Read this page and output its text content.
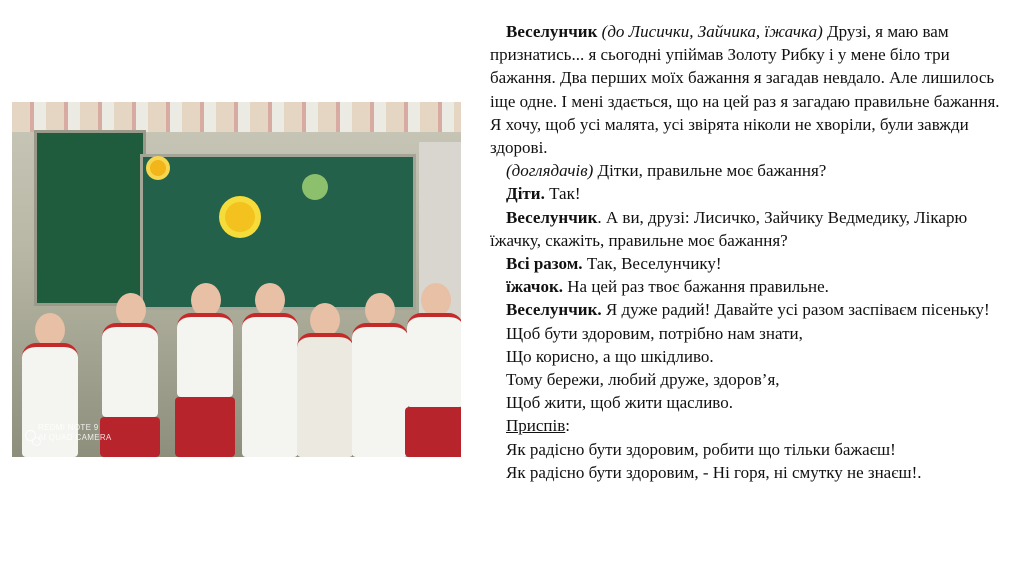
REDMI NOTE 9
AI QUAD CAMERA

Веселунчик (до Лисички, Зайчика, їжачка) Друзі, я маю вам признатись... я сьогодні упіймав Золоту Рибку і у мене біло три бажання. Два перших моїх бажання я загадав невдало. Але лишилось іще одне. І мені здається, що на цей раз я загадаю правильне бажання. Я хочу, щоб усі малята, усі звірята ніколи не хворіли, були завжди здорові.

(доглядачів) Дітки, правильне моє бажання?

Діти. Так!

Веселунчик. А ви, друзі: Лисичко, Зайчику Ведмедику, Лікарю їжачку, скажіть, правильне моє бажання?

Всі разом. Так, Веселунчику!

їжачок. На цей раз твоє бажання правильне.

Веселунчик. Я дуже радий! Давайте усі разом заспіваєм пісеньку!

Щоб бути здоровим, потрібно нам знати,

Що корисно, а що шкідливо.

Тому бережи, любий друже, здоров’я,

Щоб жити, щоб жити щасливо.

Приспів:

Як радісно бути здоровим, робити що тільки бажаєш!

Як радісно бути здоровим, - Ні горя, ні смутку не знаєш!.
